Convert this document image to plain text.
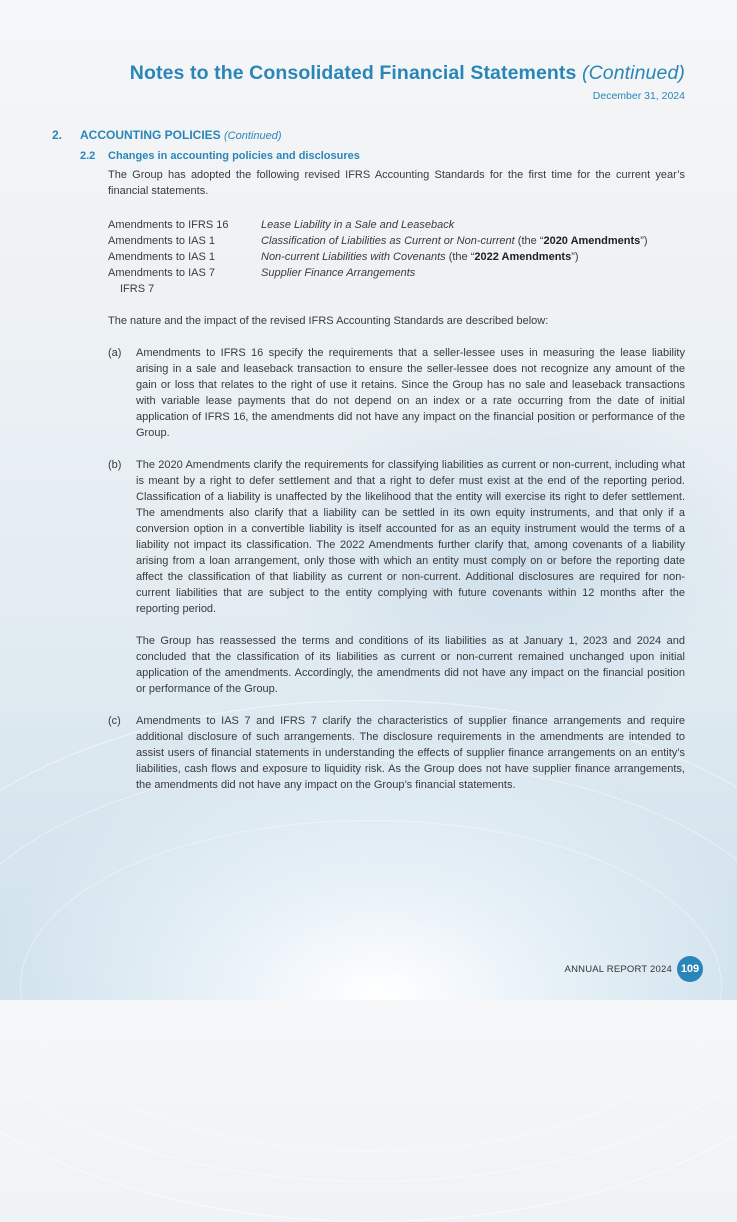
Notes to the Consolidated Financial Statements (Continued)
December 31, 2024
2. ACCOUNTING POLICIES (Continued)
2.2 Changes in accounting policies and disclosures
The Group has adopted the following revised IFRS Accounting Standards for the first time for the current year’s financial statements.
Amendments to IFRS 16	Lease Liability in a Sale and Leaseback
Amendments to IAS 1	Classification of Liabilities as Current or Non-current (the “2020 Amendments”)
Amendments to IAS 1	Non-current Liabilities with Covenants (the “2022 Amendments”)
Amendments to IAS 7	Supplier Finance Arrangements
IFRS 7
The nature and the impact of the revised IFRS Accounting Standards are described below:
(a) Amendments to IFRS 16 specify the requirements that a seller-lessee uses in measuring the lease liability arising in a sale and leaseback transaction to ensure the seller-lessee does not recognize any amount of the gain or loss that relates to the right of use it retains. Since the Group has no sale and leaseback transactions with variable lease payments that do not depend on an index or a rate occurring from the date of initial application of IFRS 16, the amendments did not have any impact on the financial position or performance of the Group.
(b) The 2020 Amendments clarify the requirements for classifying liabilities as current or non-current, including what is meant by a right to defer settlement and that a right to defer must exist at the end of the reporting period. Classification of a liability is unaffected by the likelihood that the entity will exercise its right to defer settlement. The amendments also clarify that a liability can be settled in its own equity instruments, and that only if a conversion option in a convertible liability is itself accounted for as an equity instrument would the terms of a liability not impact its classification. The 2022 Amendments further clarify that, among covenants of a liability arising from a loan arrangement, only those with which an entity must comply on or before the reporting date affect the classification of that liability as current or non-current. Additional disclosures are required for non-current liabilities that are subject to the entity complying with future covenants within 12 months after the reporting period.
The Group has reassessed the terms and conditions of its liabilities as at January 1, 2023 and 2024 and concluded that the classification of its liabilities as current or non-current remained unchanged upon initial application of the amendments. Accordingly, the amendments did not have any impact on the financial position or performance of the Group.
(c) Amendments to IAS 7 and IFRS 7 clarify the characteristics of supplier finance arrangements and require additional disclosure of such arrangements. The disclosure requirements in the amendments are intended to assist users of financial statements in understanding the effects of supplier finance arrangements on an entity’s liabilities, cash flows and exposure to liquidity risk. As the Group does not have supplier finance arrangements, the amendments did not have any impact on the Group’s financial statements.
ANNUAL REPORT 2024 109
